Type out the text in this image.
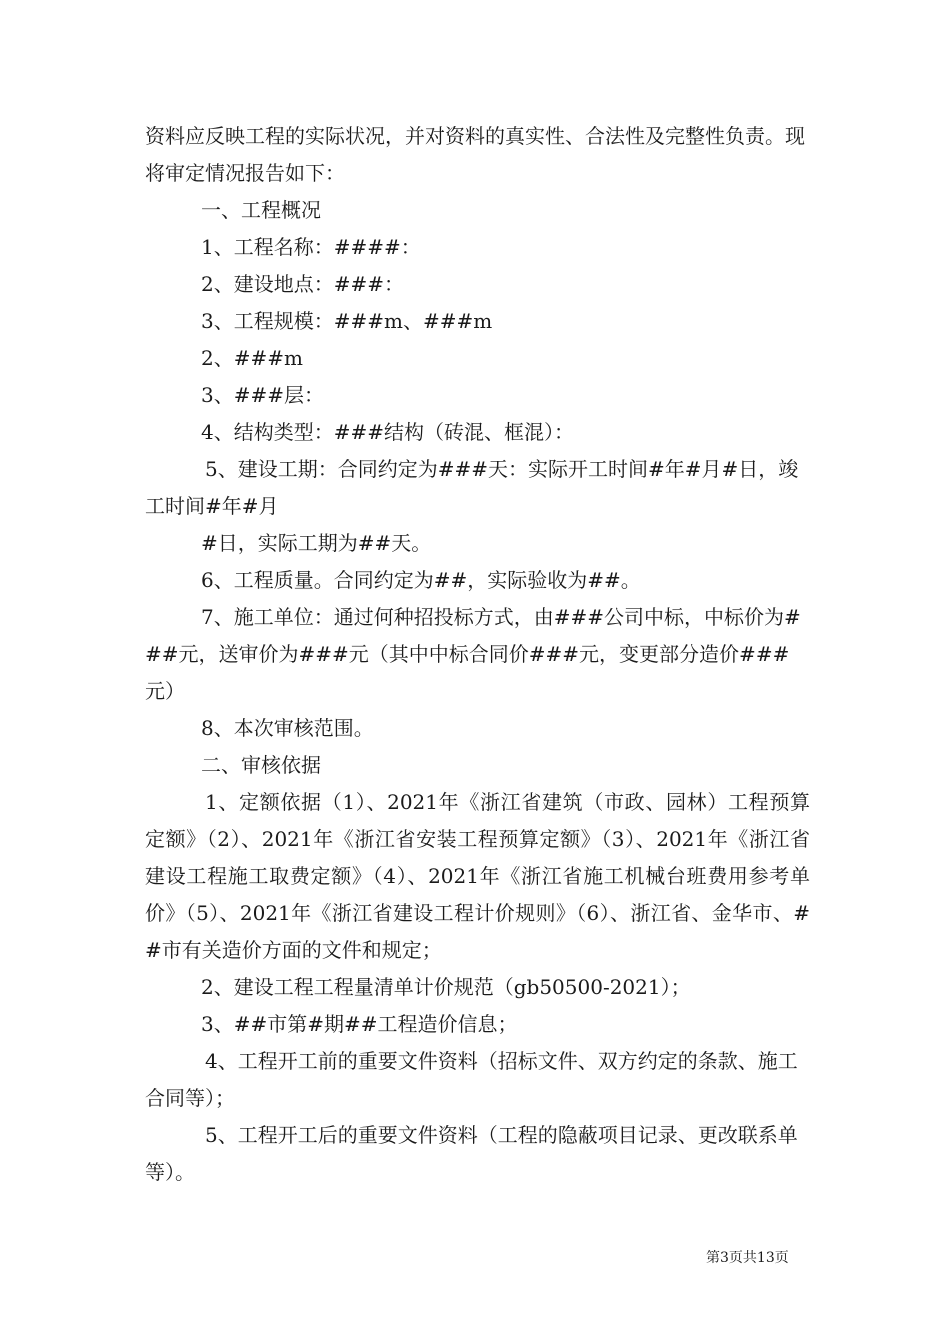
资料应反映工程的实际状况，并对资料的真实性、合法性及完整性负责。现将审定情况报告如下：

一、工程概况

1、工程名称：####：

2、建设地点：###：

3、工程规模：###m、###m

2、###m

3、###层：

4、结构类型：###结构（砖混、框混）：

5、建设工期：合同约定为###天：实际开工时间#年#月#日，竣工时间#年#月

#日，实际工期为##天。

6、工程质量。合同约定为##，实际验收为##。

7、施工单位：通过何种招投标方式，由###公司中标，中标价为###元，送审价为###元（其中中标合同价###元，变更部分造价###元）

8、本次审核范围。

二、审核依据

1、定额依据（1）、2021年《浙江省建筑（市政、园林）工程预算定额》（2）、2021年《浙江省安装工程预算定额》（3）、2021年《浙江省建设工程施工取费定额》（4）、2021年《浙江省施工机械台班费用参考单价》（5）、2021年《浙江省建设工程计价规则》（6）、浙江省、金华市、##市有关造价方面的文件和规定；

2、建设工程工程量清单计价规范（gb50500-2021）；

3、##市第#期##工程造价信息；

4、工程开工前的重要文件资料（招标文件、双方约定的条款、施工合同等）；

5、工程开工后的重要文件资料（工程的隐蔽项目记录、更改联系单等）。

第3页共13页
